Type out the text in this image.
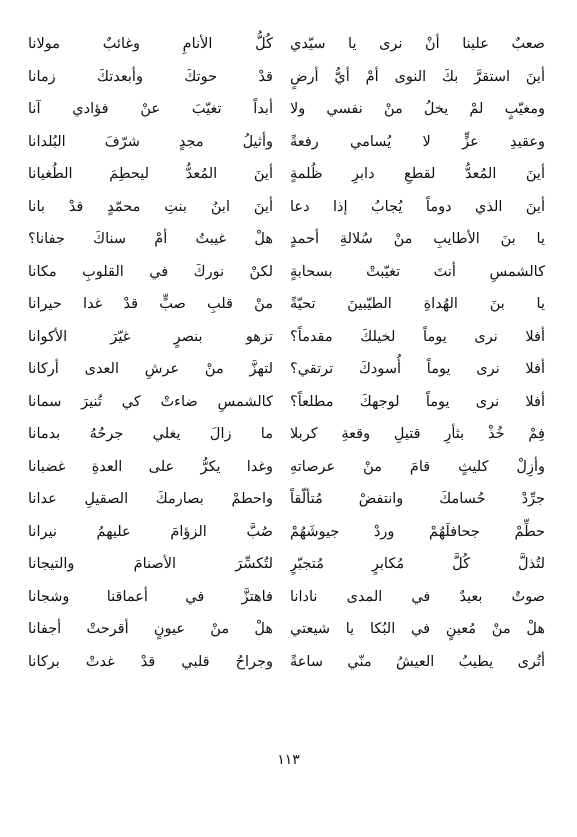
صعبٌ علينا أنْ نرى يا سيّدي
أينَ استقرَّ بكَ النوى أمْ أيُّ أرضٍ
ومغيّبٍ لمْ يخلُ منْ نفسي ولا
وعقيدِ عزٍّ لا يُسامي رفعةً
أينَ المُعدُّ لقطعِ دابرِ ظُلمةٍ
أينَ الذي دوماً يُجابُ إذا دعا
يا بنَ الأطايبِ منْ سُلالةِ أحمدٍ
كالشمسِ أنتَ تغيّبتْ بسحابةٍ
يا بنَ الهُداةِ الطيّبينَ تحيّةً
أفلا نرى يوماً لخيلكَ مقدماً؟
أفلا نرى يوماً أُسودكَ ترتقي؟
أفلا نرى يوماً لوجهكَ مطلعاً؟
فِمْ خُذْ بثأرِ قتيلِ وقعةِ كربلا
وأزِلْ كليثٍ قامَ منْ عرصاتهِ
جرِّدْ حُسامكَ وانتفضْ مُتألّقاً
حطِّمْ جحافلَهُمْ وردْ جيوشَهُمْ
لتُذلَّ كُلَّ مُكابرٍ مُتجبّرٍ
صوتٌ بعيدٌ في المدى نادانا
هلْ منْ مُعينٍ في البُكا يا شيعتي
أتُرى يطيبُ العيشُ منّي ساعةً
كُلُّ الأنامِ وغائبٌ مولانا
قدْ حوتكَ وأبعدتكَ زمانا
أبداً تغيّبَ عنْ فؤادي آنا
وأثيلُ مجدٍ شرّفَ البُلدانا
أينَ المُعدُّ ليحطِمَ الطُغيانا
أينَ ابنُ بنتِ محمّدٍ قدْ بانا
هلْ غيبتُ أمْ سناكَ جفانا؟
لكنْ نوركَ في القلوبِ مكانا
منْ قلبِ صبٍّ قدْ غدا حيرانا
تزهو بنصرٍ غيّرَ الأكوانا
لتهزَّ منْ عرشِ العدى أركانا
كالشمسِ ضاءتْ كي تُنيرَ سمانا
ما زالَ يغلي جرحُهُ بدمانا
وغدا يكرُّ على العدةِ غضبانا
واحطمْ بصارمكَ الصقيلِ عدانا
صُبَّ الزؤامَ عليهمُ نيرانا
لتُكسِّرَ الأصنامَ والتيجانا
فاهتزَّ في أعماقنا وشجانا
هلْ منْ عيونٍ أقرحتْ أجفانا
وجراحُ قلبي قدْ غدتْ بركانا
١١٣
